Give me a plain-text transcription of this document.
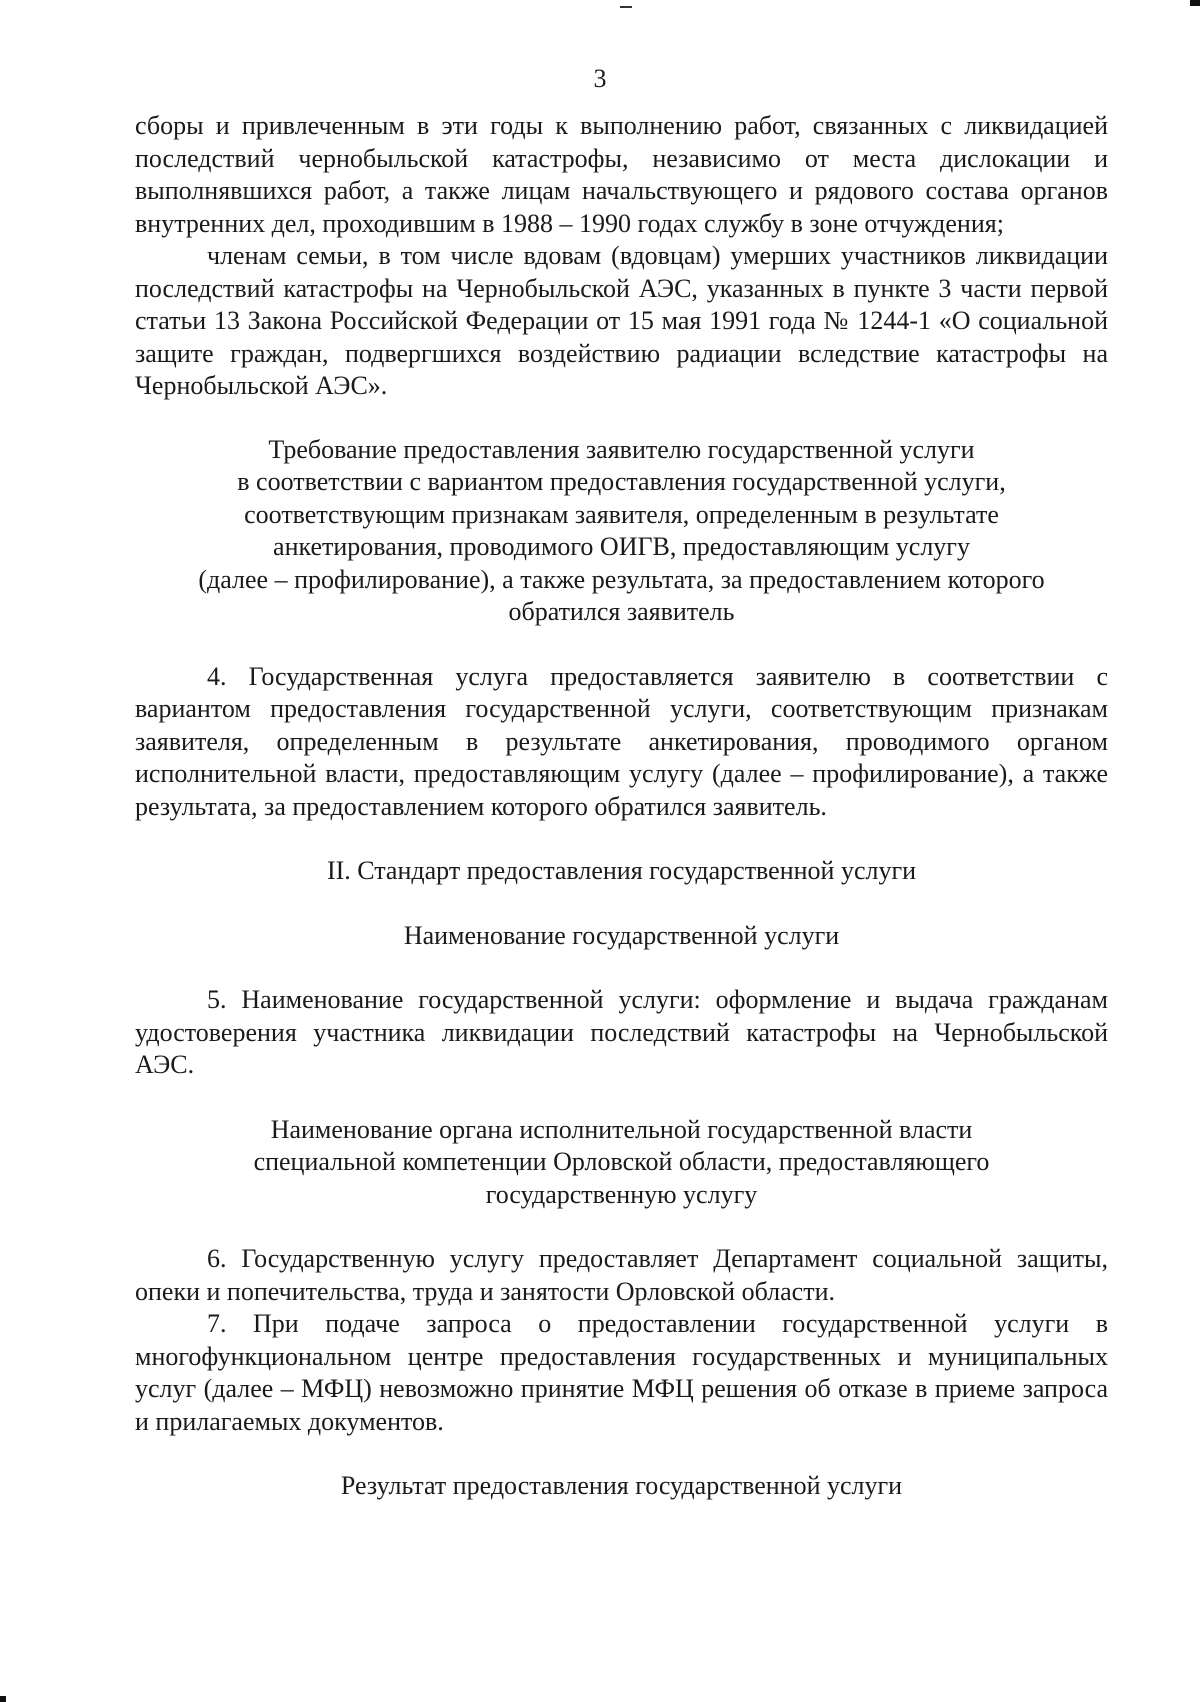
3

сборы и привлеченным в эти годы к выполнению работ, связанных с ликвидацией последствий чернобыльской катастрофы, независимо от места дислокации и выполнявшихся работ, а также лицам начальствующего и рядового состава органов внутренних дел, проходившим в 1988 – 1990 годах службу в зоне отчуждения;

членам семьи, в том числе вдовам (вдовцам) умерших участников ликвидации последствий катастрофы на Чернобыльской АЭС, указанных в пункте 3 части первой статьи 13 Закона Российской Федерации от 15 мая 1991 года № 1244-1 «О социальной защите граждан, подвергшихся воздействию радиации вследствие катастрофы на Чернобыльской АЭС».

Требование предоставления заявителю государственной услуги
в соответствии с вариантом предоставления государственной услуги,
соответствующим признакам заявителя, определенным в результате
анкетирования, проводимого ОИГВ, предоставляющим услугу
(далее – профилирование), а также результата, за предоставлением которого
обратился заявитель

4. Государственная услуга предоставляется заявителю в соответствии с вариантом предоставления государственной услуги, соответствующим признакам заявителя, определенным в результате анкетирования, проводимого органом исполнительной власти, предоставляющим услугу (далее – профилирование), а также результата, за предоставлением которого обратился заявитель.

II. Стандарт предоставления государственной услуги
Наименование государственной услуги

5. Наименование государственной услуги: оформление и выдача гражданам удостоверения участника ликвидации последствий катастрофы на Чернобыльской АЭС.

Наименование органа исполнительной государственной власти
специальной компетенции Орловской области, предоставляющего
государственную услугу

6. Государственную услугу предоставляет Департамент социальной защиты, опеки и попечительства, труда и занятости Орловской области.

7. При подаче запроса о предоставлении государственной услуги в многофункциональном центре предоставления государственных и муниципальных услуг (далее – МФЦ) невозможно принятие МФЦ решения об отказе в приеме запроса и прилагаемых документов.

Результат предоставления государственной услуги
